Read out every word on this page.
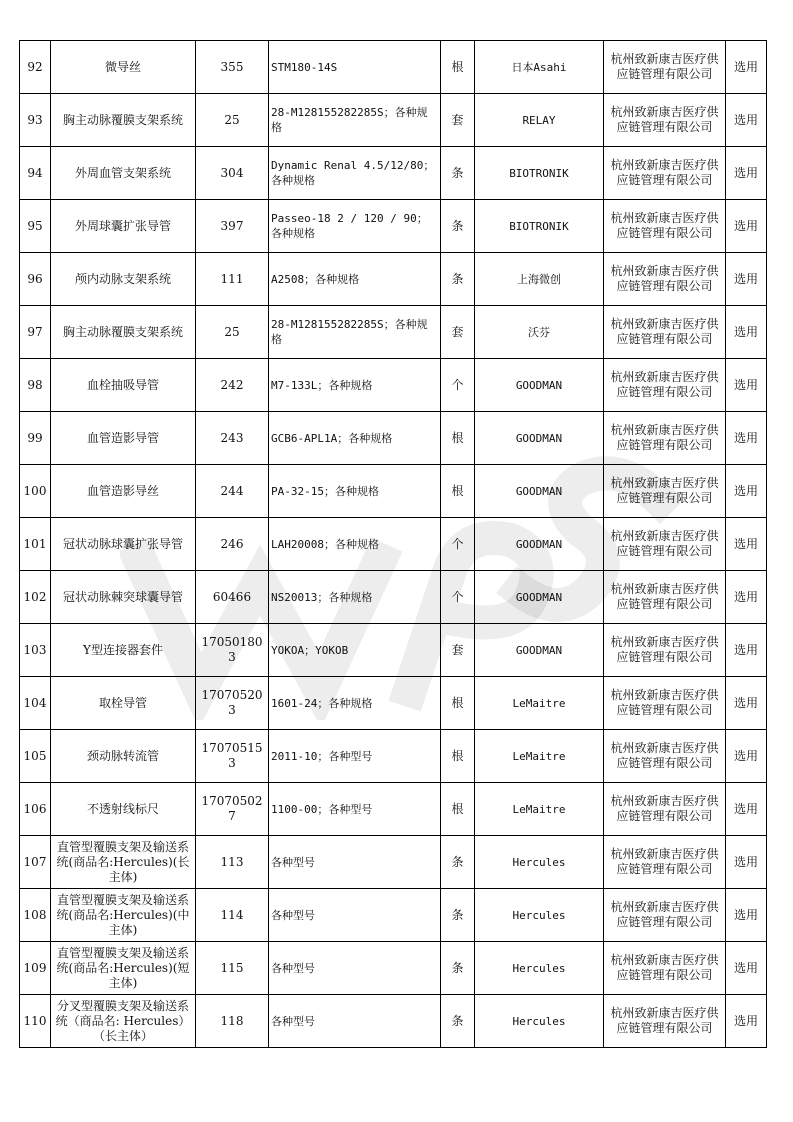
92	微导丝	355	STM180-14S	根	日本Asahi	杭州致新康吉医疗供应链管理有限公司	选用
93	胸主动脉覆膜支架系统	25	28-M128155282285S；各种规格	套	RELAY	杭州致新康吉医疗供应链管理有限公司	选用
94	外周血管支架系统	304	Dynamic Renal 4.5/12/80；各种规格	条	BIOTRONIK	杭州致新康吉医疗供应链管理有限公司	选用
95	外周球囊扩张导管	397	Passeo-18 2 / 120 / 90；各种规格	条	BIOTRONIK	杭州致新康吉医疗供应链管理有限公司	选用
96	颅内动脉支架系统	111	A2508；各种规格	条	上海微创	杭州致新康吉医疗供应链管理有限公司	选用
97	胸主动脉覆膜支架系统	25	28-M128155282285S；各种规格	套	沃芬	杭州致新康吉医疗供应链管理有限公司	选用
98	血栓抽吸导管	242	M7-133L；各种规格	个	GOODMAN	杭州致新康吉医疗供应链管理有限公司	选用
99	血管造影导管	243	GCB6-APL1A；各种规格	根	GOODMAN	杭州致新康吉医疗供应链管理有限公司	选用
100	血管造影导丝	244	PA-32-15；各种规格	根	GOODMAN	杭州致新康吉医疗供应链管理有限公司	选用
101	冠状动脉球囊扩张导管	246	LAH20008；各种规格	个	GOODMAN	杭州致新康吉医疗供应链管理有限公司	选用
102	冠状动脉棘突球囊导管	60466	NS20013；各种规格	个	GOODMAN	杭州致新康吉医疗供应链管理有限公司	选用
103	Y型连接器套件	170501803	YOKOA；YOKOB	套	GOODMAN	杭州致新康吉医疗供应链管理有限公司	选用
104	取栓导管	170705203	1601-24；各种规格	根	LeMaitre	杭州致新康吉医疗供应链管理有限公司	选用
105	颈动脉转流管	170705153	2011-10；各种型号	根	LeMaitre	杭州致新康吉医疗供应链管理有限公司	选用
106	不透射线标尺	170705027	1100-00；各种型号	根	LeMaitre	杭州致新康吉医疗供应链管理有限公司	选用
107	直管型覆膜支架及输送系统(商品名:Hercules)(长主体)	113	各种型号	条	Hercules	杭州致新康吉医疗供应链管理有限公司	选用
108	直管型覆膜支架及输送系统(商品名:Hercules)(中主体)	114	各种型号	条	Hercules	杭州致新康吉医疗供应链管理有限公司	选用
109	直管型覆膜支架及输送系统(商品名:Hercules)(短主体)	115	各种型号	条	Hercules	杭州致新康吉医疗供应链管理有限公司	选用
110	分叉型覆膜支架及输送系统（商品名: Hercules）（长主体）	118	各种型号	条	Hercules	杭州致新康吉医疗供应链管理有限公司	选用
